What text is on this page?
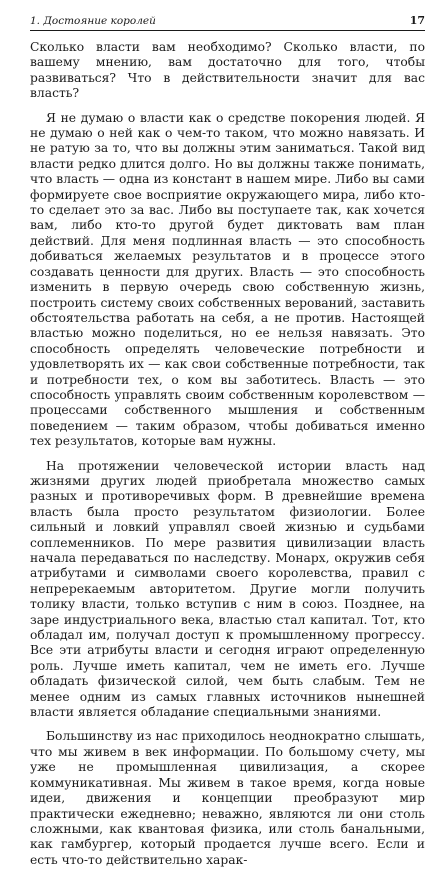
1. Достояние королей	17

Сколько власти вам необходимо? Сколько власти, по вашему мнению, вам достаточно для того, чтобы развиваться? Что в действительности значит для вас власть?

Я не думаю о власти как о средстве покорения людей. Я не думаю о ней как о чем-то таком, что можно навязать. И не ратую за то, что вы должны этим заниматься. Такой вид власти редко длится долго. Но вы должны также понимать, что власть — одна из констант в нашем мире. Либо вы сами формируете свое восприятие окружающего мира, либо кто-то сделает это за вас. Либо вы поступаете так, как хочется вам, либо кто-то другой будет диктовать вам план действий. Для меня подлинная власть — это способность добиваться желаемых результатов и в процессе этого создавать ценности для других. Власть — это способность изменить в первую очередь свою собственную жизнь, построить систему своих собственных верований, заставить обстоятельства работать на себя, а не против. Настоящей властью можно поделиться, но ее нельзя навязать. Это способность определять человеческие потребности и удовлетворять их — как свои собственные потребности, так и потребности тех, о ком вы заботитесь. Власть — это способность управлять своим собственным королевством — процессами собственного мышления и собственным поведением — таким образом, чтобы добиваться именно тех результатов, которые вам нужны.

На протяжении человеческой истории власть над жизнями других людей приобретала множество самых разных и противоречивых форм. В древнейшие времена власть была просто результатом физиологии. Более сильный и ловкий управлял своей жизнью и судьбами соплеменников. По мере развития цивилизации власть начала передаваться по наследству. Монарх, окружив себя атрибутами и символами своего королевства, правил с непререкаемым авторитетом. Другие могли получить толику власти, только вступив с ним в союз. Позднее, на заре индустриального века, властью стал капитал. Тот, кто обладал им, получал доступ к промышленному прогрессу. Все эти атрибуты власти и сегодня играют определенную роль. Лучше иметь капитал, чем не иметь его. Лучше обладать физической силой, чем быть слабым. Тем не менее одним из самых главных источников нынешней власти является обладание специальными знаниями.

Большинству из нас приходилось неоднократно слышать, что мы живем в век информации. По большому счету, мы уже не промышленная цивилизация, а скорее коммуникативная. Мы живем в такое время, когда новые идеи, движения и концепции преобразуют мир практически ежедневно; неважно, являются ли они столь сложными, как квантовая физика, или столь банальными, как гамбургер, который продается лучше всего. Если и есть что-то действительно харак-
